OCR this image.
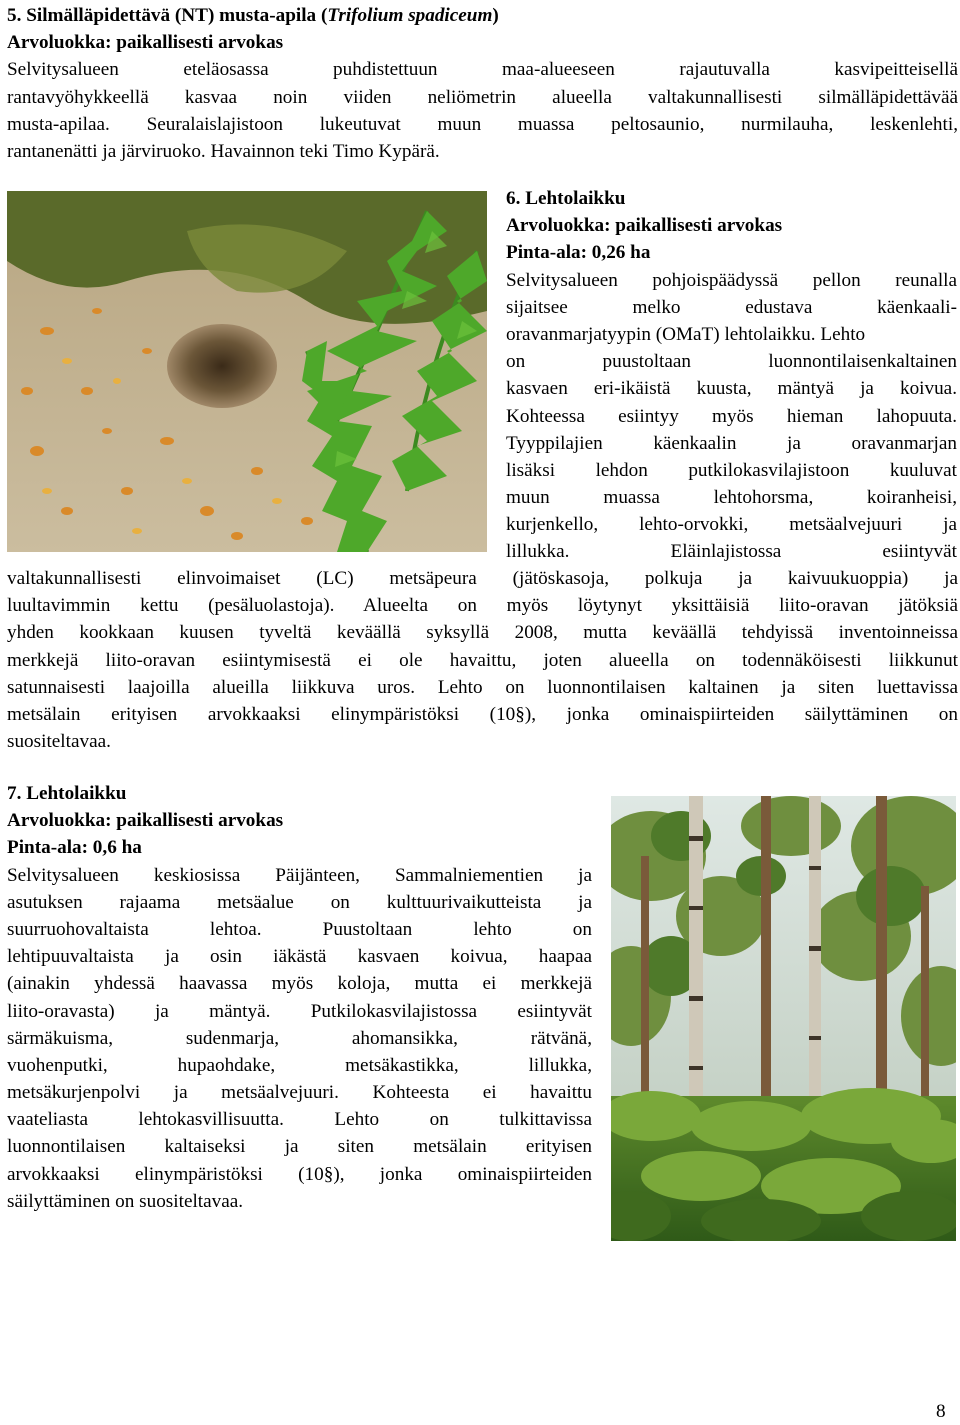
5. Silmälläpidettävä (NT) musta-apila (Trifolium spadiceum)
Arvoluokka: paikallisesti arvokas
Selvitysalueen eteläosassa puhdistettuun maa-alueeseen rajautuvalla kasvipeitteisellä
rantavyöhykkeellä kasvaa noin viiden neliömetrin alueella valtakunnallisesti silmälläpidettävää
musta-apilaa. Seuralaislajistoon lukeutuvat muun muassa peltosaunio, nurmilauha, leskenlehti,
rantanenätti ja järviruoko. Havainnon teki Timo Kypärä.
6. Lehtolaikku
Arvoluokka: paikallisesti arvokas
Pinta-ala: 0,26 ha
Selvitysalueen pohjoispäädyssä pellon reunalla
sijaitsee melko edustava käenkaali-
oravanmarjatyypin (OMaT) lehtolaikku. Lehto
on puustoltaan luonnontilaisenkaltainen
kasvaen eri-ikäistä kuusta, mäntyä ja koivua.
Kohteessa esiintyy myös hieman lahopuuta.
Tyyppilajien käenkaalin ja oravanmarjan
lisäksi lehdon putkilokasvilajistoon kuuluvat
muun muassa lehtohorsma, koiranheisi,
kurjenkello, lehto-orvokki, metsäalvejuuri ja
lillukka. Eläinlajistossa esiintyvät
valtakunnallisesti elinvoimaiset (LC) metsäpeura (jätöskasoja, polkuja ja kaivuukuoppia) ja
luultavimmin kettu (pesäluolastoja). Alueelta on myös löytynyt yksittäisiä liito-oravan jätöksiä
yhden kookkaan kuusen tyveltä keväällä syksyllä 2008, mutta keväällä tehdyissä inventoinneissa
merkkejä liito-oravan esiintymisestä ei ole havaittu, joten alueella on todennäköisesti liikkunut
satunnaisesti laajoilla alueilla liikkuva uros. Lehto on luonnontilaisen kaltainen ja siten luettavissa
metsälain erityisen arvokkaaksi elinympäristöksi (10§), jonka ominaispiirteiden säilyttäminen on
suositeltavaa.
7. Lehtolaikku
Arvoluokka: paikallisesti arvokas
Pinta-ala: 0,6 ha
Selvitysalueen keskiosissa Päijänteen, Sammalniementien ja
asutuksen rajaama metsäalue on kulttuurivaikutteista ja
suurruohovaltaista lehtoa. Puustoltaan lehto on
lehtipuuvaltaista ja osin iäkästä kasvaen koivua, haapaa
(ainakin yhdessä haavassa myös koloja, mutta ei merkkejä
liito-oravasta) ja mäntyä. Putkilokasvilajistossa esiintyvät
särmäkuisma, sudenmarja, ahomansikka, rätvänä,
vuohenputki, hupaohdake, metsäkastikka, lillukka,
metsäkurjenpolvi ja metsäalvejuuri. Kohteesta ei havaittu
vaateliasta lehtokasvillisuutta. Lehto on tulkittavissa
luonnontilaisen kaltaiseksi ja siten metsälain erityisen
arvokkaaksi elinympäristöksi (10§), jonka ominaispiirteiden
säilyttäminen on suositeltavaa.
8
